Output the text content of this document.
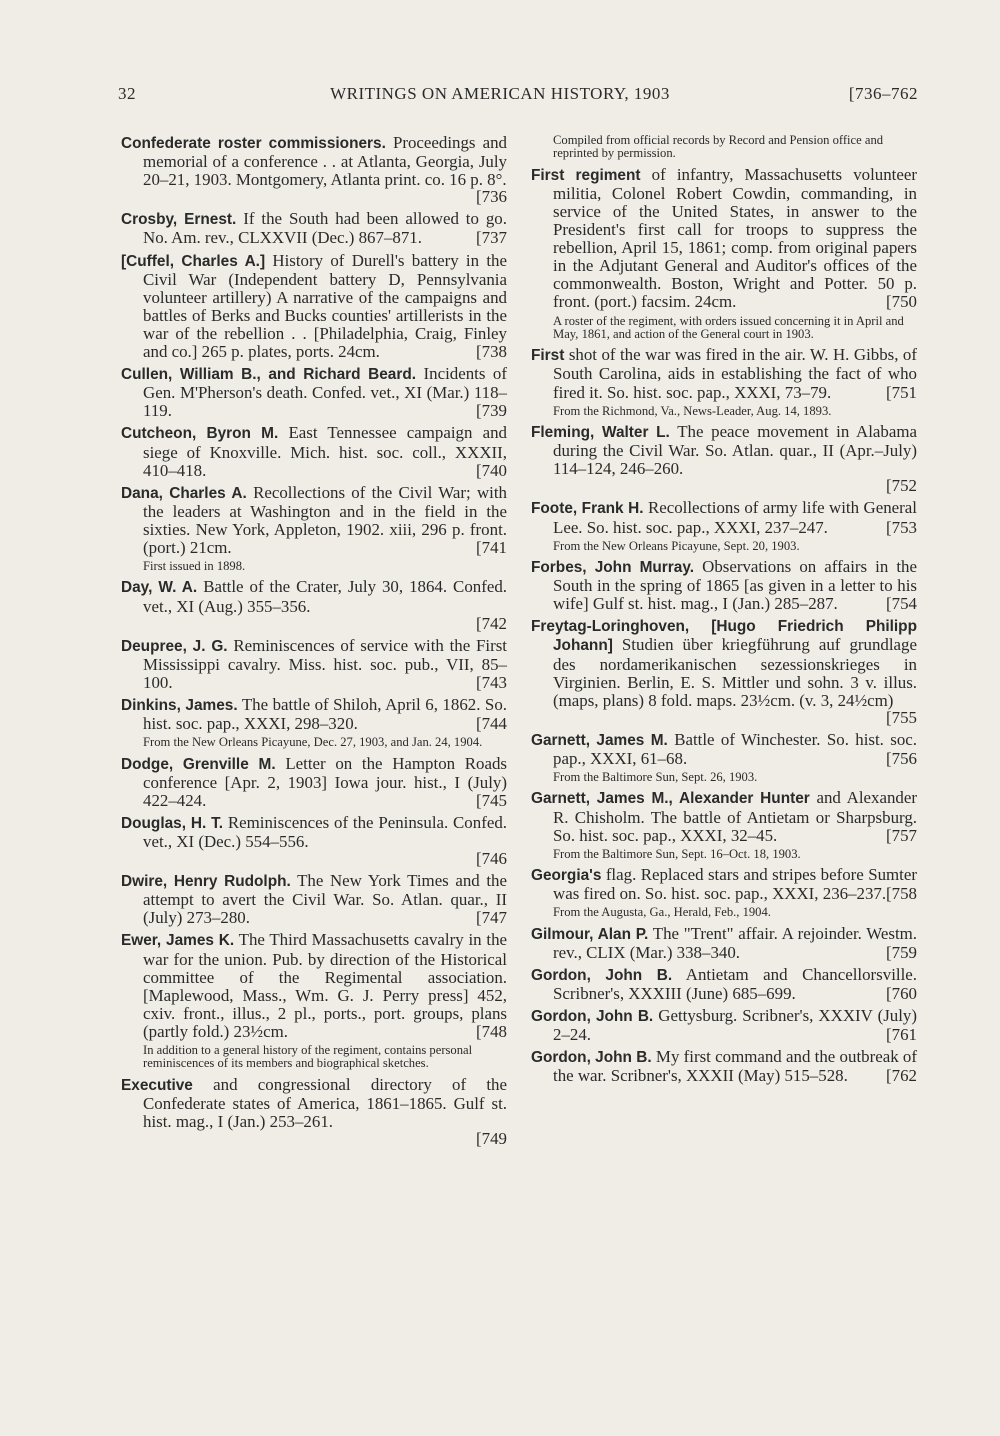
32	WRITINGS ON AMERICAN HISTORY, 1903	[736–762
Confederate roster commissioners. Proceedings and memorial of a conference . . at Atlanta, Georgia, July 20–21, 1903. Montgomery, Atlanta print. co. 16 p. 8°.
[736
Crosby, Ernest. If the South had been allowed to go. No. Am. rev., CLXXVII (Dec.) 867–871.	[737
[Cuffel, Charles A.] History of Durell's battery in the Civil War (Independent battery D, Pennsylvania volunteer artillery) A narrative of the campaigns and battles of Berks and Bucks counties' artillerists in the war of the rebellion . . [Philadelphia, Craig, Finley and co.] 265 p. plates, ports. 24cm.	[738
Cullen, William B., and Richard Beard. Incidents of Gen. M'Pherson's death. Confed. vet., XI (Mar.) 118–119.	[739
Cutcheon, Byron M. East Tennessee campaign and siege of Knoxville. Mich. hist. soc. coll., XXXII, 410–418.	[740
Dana, Charles A. Recollections of the Civil War; with the leaders at Washington and in the field in the sixties. New York, Appleton, 1902. xiii, 296 p. front. (port.) 21cm.	[741
First issued in 1898.
Day, W. A. Battle of the Crater, July 30, 1864. Confed. vet., XI (Aug.) 355–356.
[742
Deupree, J. G. Reminiscences of service with the First Mississippi cavalry. Miss. hist. soc. pub., VII, 85–100.	[743
Dinkins, James. The battle of Shiloh, April 6, 1862. So. hist. soc. pap., XXXI, 298–320.	[744
From the New Orleans Picayune, Dec. 27, 1903, and Jan. 24, 1904.
Dodge, Grenville M. Letter on the Hampton Roads conference [Apr. 2, 1903] Iowa jour. hist., I (July) 422–424.	[745
Douglas, H. T. Reminiscences of the Peninsula. Confed. vet., XI (Dec.) 554–556.
[746
Dwire, Henry Rudolph. The New York Times and the attempt to avert the Civil War. So. Atlan. quar., II (July) 273–280.	[747
Ewer, James K. The Third Massachusetts cavalry in the war for the union. Pub. by direction of the Historical committee of the Regimental association. [Maplewood, Mass., Wm. G. J. Perry press] 452, cxiv. front., illus., 2 pl., ports., port. groups, plans (partly fold.) 23½cm.	[748
In addition to a general history of the regiment, contains personal reminiscences of its members and biographical sketches.
Executive and congressional directory of the Confederate states of America, 1861–1865. Gulf st. hist. mag., I (Jan.) 253–261.
[749
Compiled from official records by Record and Pension office and reprinted by permission.
First regiment of infantry, Massachusetts volunteer militia, Colonel Robert Cowdin, commanding, in service of the United States, in answer to the President's first call for troops to suppress the rebellion, April 15, 1861; comp. from original papers in the Adjutant General and Auditor's offices of the commonwealth. Boston, Wright and Potter. 50 p. front. (port.) facsim. 24cm.	[750
A roster of the regiment, with orders issued concerning it in April and May, 1861, and action of the General court in 1903.
First shot of the war was fired in the air. W. H. Gibbs, of South Carolina, aids in establishing the fact of who fired it. So. hist. soc. pap., XXXI, 73–79.	[751
From the Richmond, Va., News-Leader, Aug. 14, 1893.
Fleming, Walter L. The peace movement in Alabama during the Civil War. So. Atlan. quar., II (Apr.–July) 114–124, 246–260.
[752
Foote, Frank H. Recollections of army life with General Lee. So. hist. soc. pap., XXXI, 237–247.	[753
From the New Orleans Picayune, Sept. 20, 1903.
Forbes, John Murray. Observations on affairs in the South in the spring of 1865 [as given in a letter to his wife] Gulf st. hist. mag., I (Jan.) 285–287.	[754
Freytag-Loringhoven, [Hugo Friedrich Philipp Johann] Studien über kriegführung auf grundlage des nordamerikanischen sezessionskrieges in Virginien. Berlin, E. S. Mittler und sohn. 3 v. illus. (maps, plans) 8 fold. maps. 23½cm. (v. 3, 24½cm)
[755
Garnett, James M. Battle of Winchester. So. hist. soc. pap., XXXI, 61–68.	[756
From the Baltimore Sun, Sept. 26, 1903.
Garnett, James M., Alexander Hunter and Alexander R. Chisholm. The battle of Antietam or Sharpsburg. So. hist. soc. pap., XXXI, 32–45.	[757
From the Baltimore Sun, Sept. 16–Oct. 18, 1903.
Georgia's flag. Replaced stars and stripes before Sumter was fired on. So. hist. soc. pap., XXXI, 236–237. [758
From the Augusta, Ga., Herald, Feb., 1904.
Gilmour, Alan P. The "Trent" affair. A rejoinder. Westm. rev., CLIX (Mar.) 338–340.	[759
Gordon, John B. Antietam and Chancellorsville. Scribner's, XXXIII (June) 685–699.	[760
Gordon, John B. Gettysburg. Scribner's, XXXIV (July) 2–24.	[761
Gordon, John B. My first command and the outbreak of the war. Scribner's, XXXII (May) 515–528. [762
